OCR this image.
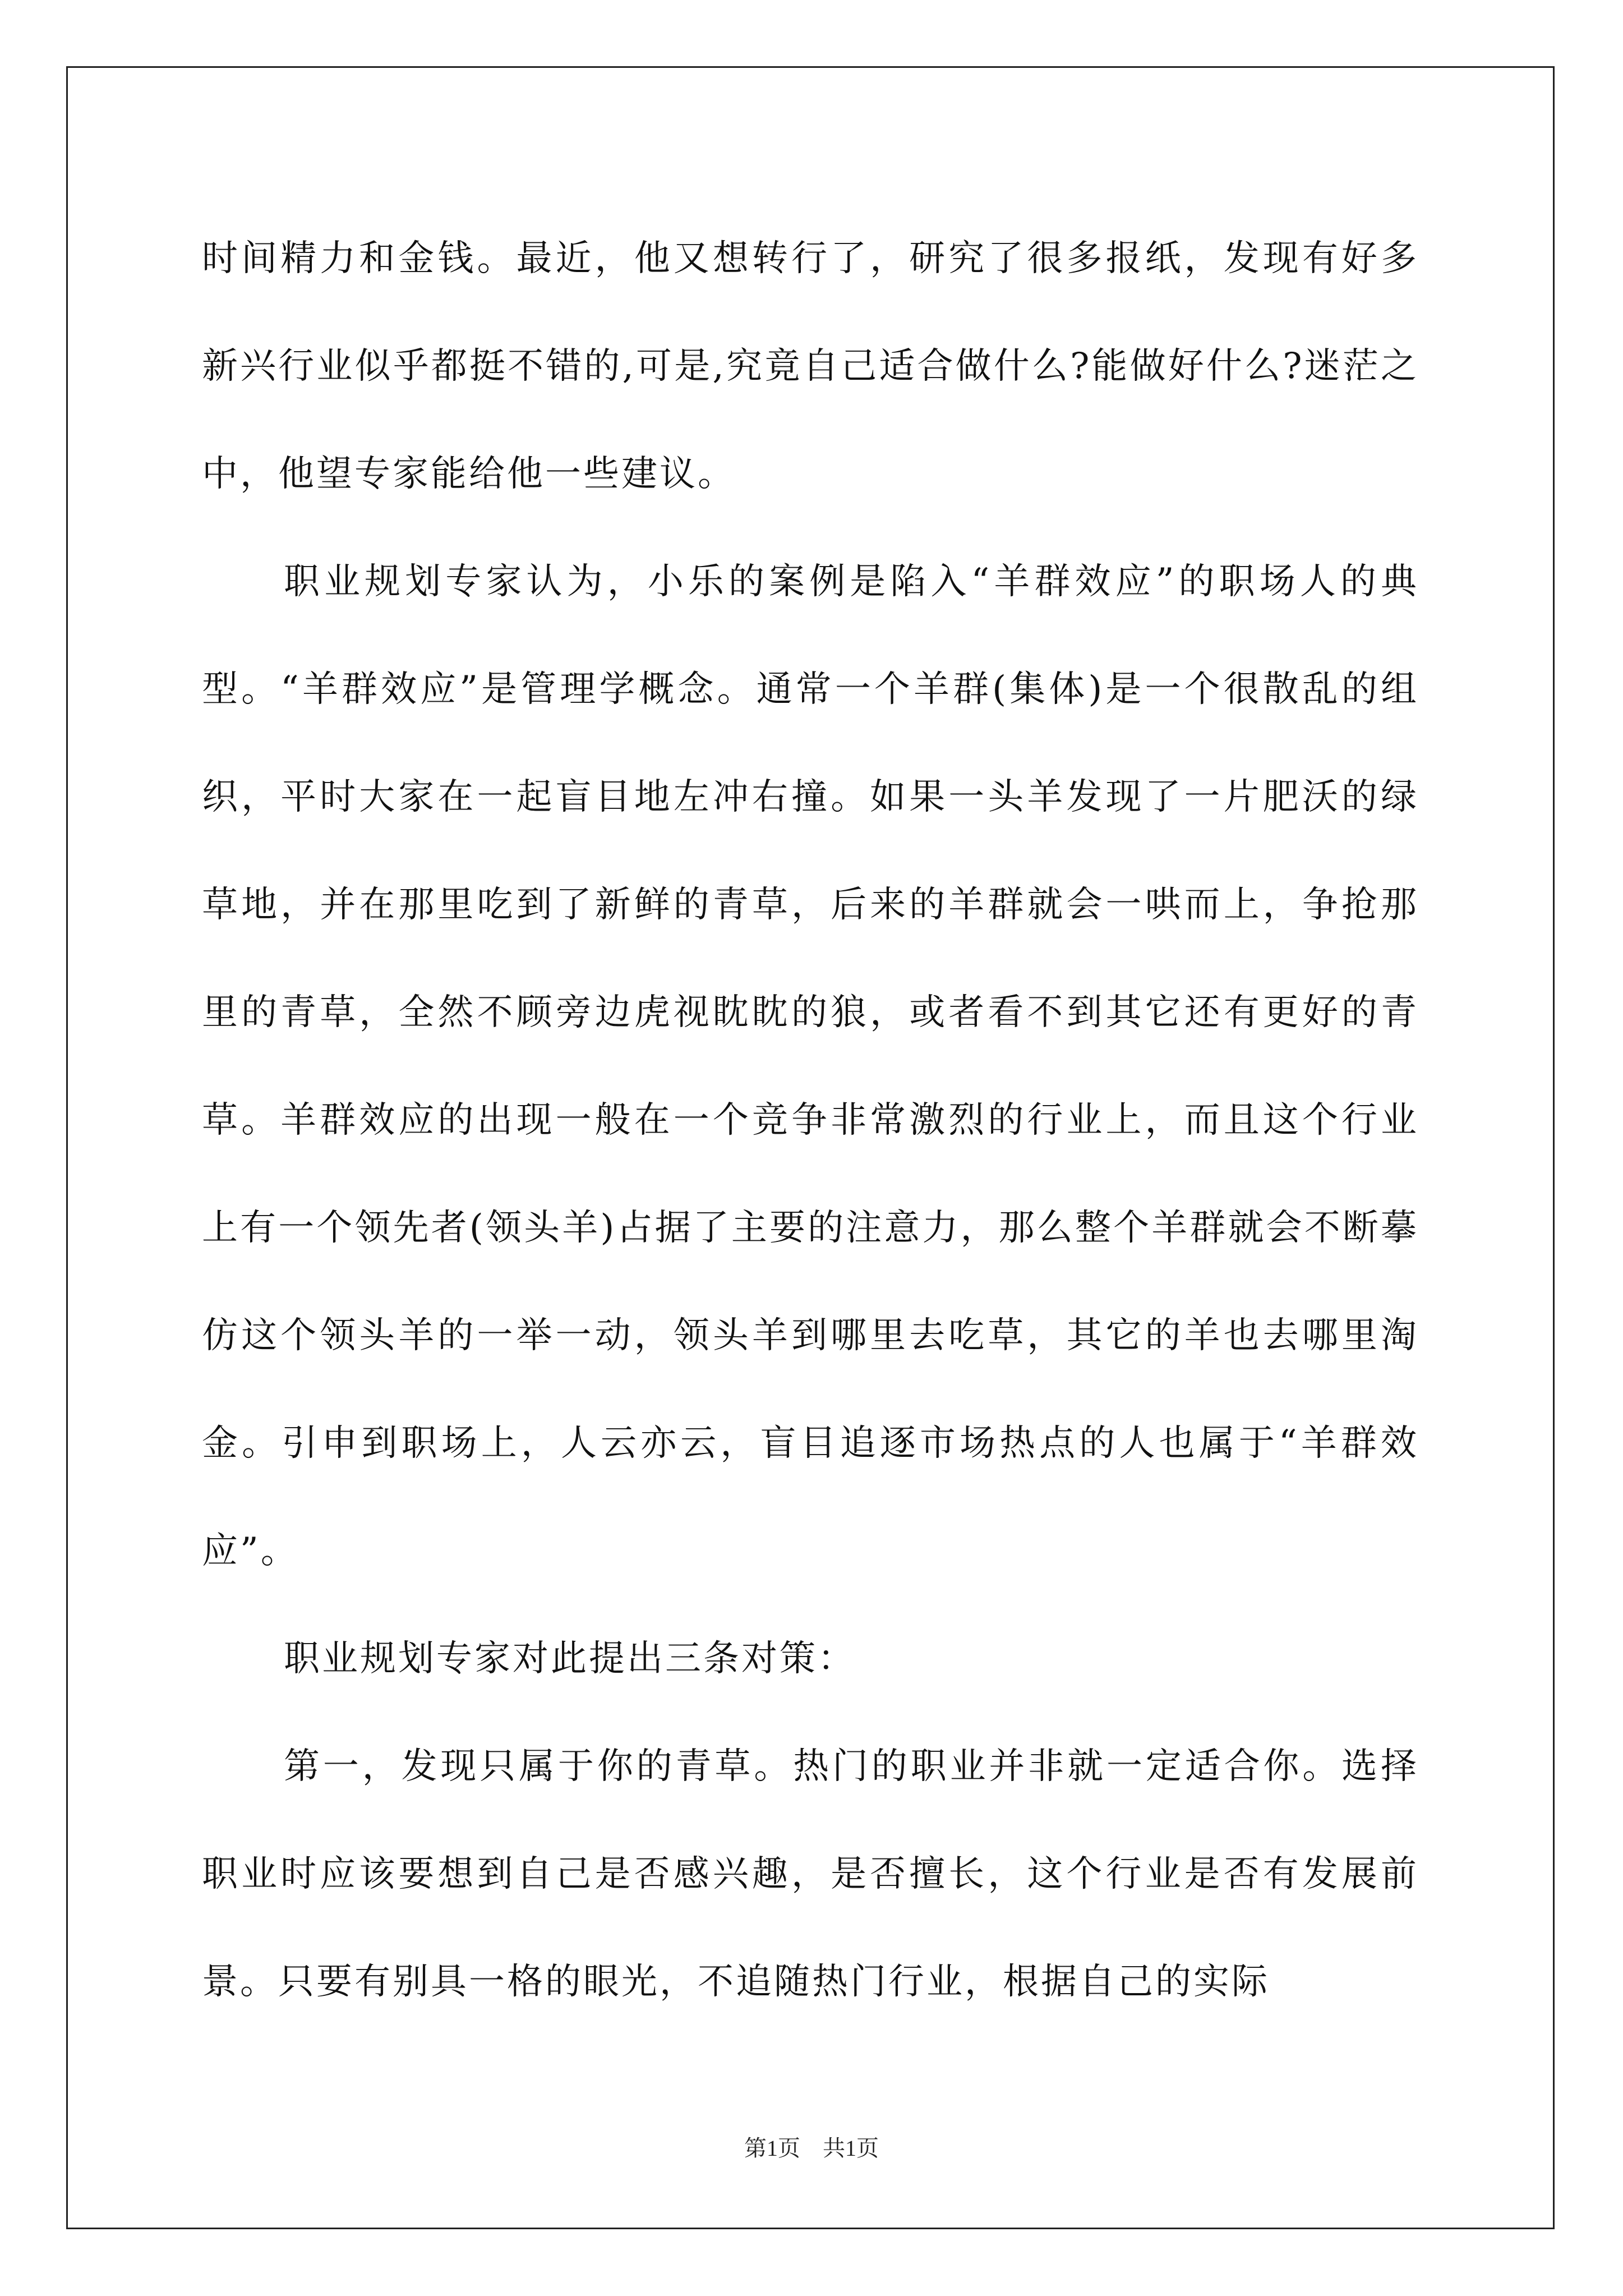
时间精力和金钱。最近，他又想转行了，研究了很多报纸，发现有好多新兴行业似乎都挺不错的,可是,究竟自己适合做什么?能做好什么?迷茫之中，他望专家能给他一些建议。

职业规划专家认为，小乐的案例是陷入“羊群效应”的职场人的典型。“羊群效应”是管理学概念。通常一个羊群(集体)是一个很散乱的组织，平时大家在一起盲目地左冲右撞。如果一头羊发现了一片肥沃的绿草地，并在那里吃到了新鲜的青草，后来的羊群就会一哄而上，争抢那里的青草，全然不顾旁边虎视眈眈的狼，或者看不到其它还有更好的青草。羊群效应的出现一般在一个竞争非常激烈的行业上，而且这个行业上有一个领先者(领头羊)占据了主要的注意力，那么整个羊群就会不断摹仿这个领头羊的一举一动，领头羊到哪里去吃草，其它的羊也去哪里淘金。引申到职场上，人云亦云，盲目追逐市场热点的人也属于“羊群效应”。

职业规划专家对此提出三条对策：

第一，发现只属于你的青草。热门的职业并非就一定适合你。选择职业时应该要想到自己是否感兴趣，是否擅长，这个行业是否有发展前景。只要有别具一格的眼光，不追随热门行业，根据自己的实际

第1页　共1页
